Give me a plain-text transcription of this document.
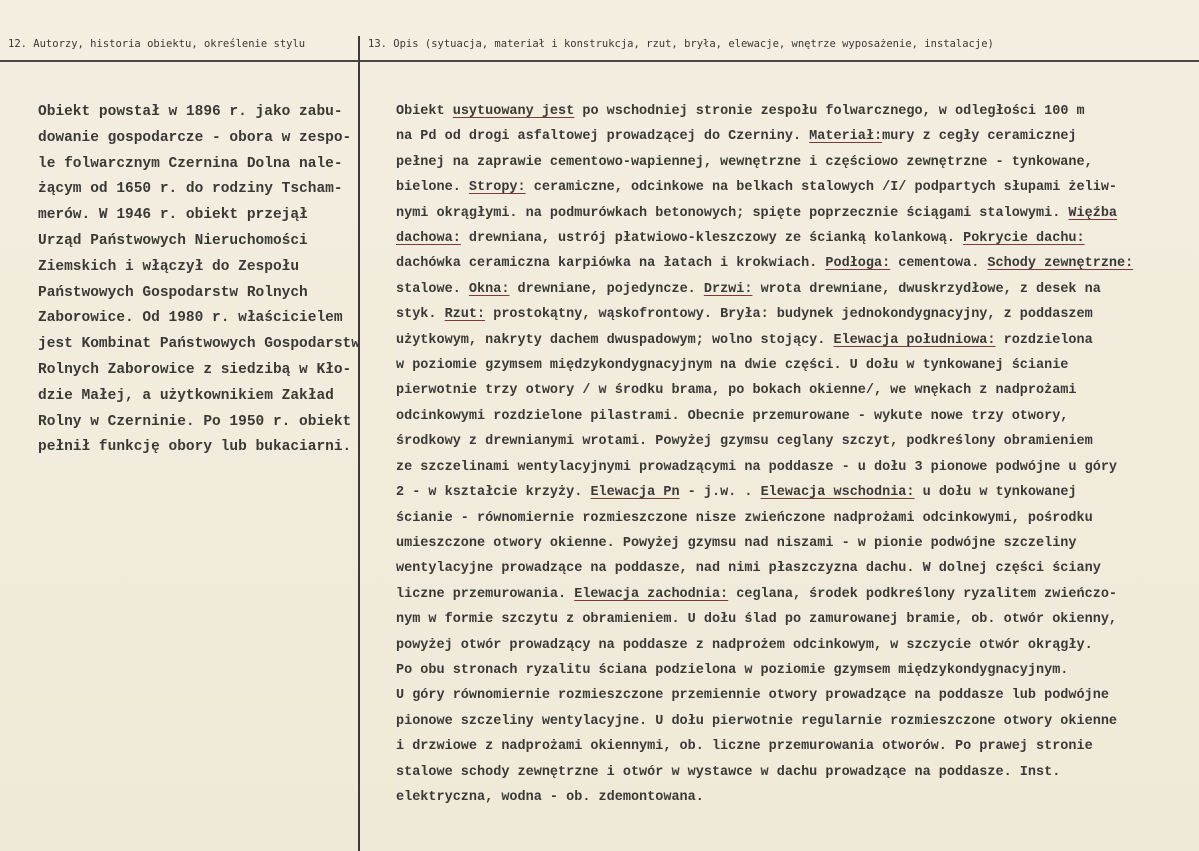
12. Autorzy, historia obiektu, określenie stylu	13. Opis (sytuacja, materiał i konstrukcja, rzut, bryła, elewacje, wnętrze wyposażenie, instalacje)
Obiekt powstał w 1896 r. jako zabu-
dowanie gospodarcze - obora w zespo-
le folwarcznym Czernina Dolna nale-
żącym od 1650 r. do rodziny Tscham-
merów. W 1946 r. obiekt przejął
Urząd Państwowych Nieruchomości
Ziemskich i włączył do Zespołu
Państwowych Gospodarstw Rolnych
Zaborowice. Od 1980 r. właścicielem
jest Kombinat Państwowych Gospodarstw
Rolnych Zaborowice z siedzibą w Kło-
dzie Małej, a użytkownikiem Zakład
Rolny w Czerninie. Po 1950 r. obiekt
pełnił funkcję obory lub bukaciarni.
Obiekt usytuowany jest po wschodniej stronie zespołu folwarcznego, w odległości 100 m
na Pd od drogi asfaltowej prowadzącej do Czerniny. Materiał:mury z cegły ceramicznej
pełnej na zaprawie cementowo-wapiennej, wewnętrzne i częściowo zewnętrzne - tynkowane,
bielone. Stropy: ceramiczne, odcinkowe na belkach stalowych /I/ podpartych słupami żeliw-
nymi okrągłymi. na podmurówkach betonowych; spięte poprzecznie ściągami stalowymi. Więźba
dachowa: drewniana, ustrój płatwiowo-kleszczowy ze ścianką kolankową. Pokrycie dachu:
dachówka ceramiczna karpiówka na łatach i krokwiach. Podłoga: cementowa. Schody zewnętrzne:
stalowe. Okna: drewniane, pojedyncze. Drzwi: wrota drewniane, dwuskrzydłowe, z desek na
styk. Rzut: prostokątny, wąskofrontowy. Bryła: budynek jednokondygnacyjny, z poddaszem
użytkowym, nakryty dachem dwuspadowym; wolno stojący. Elewacja południowa: rozdzielona
w poziomie gzymsem międzykondygnacyjnym na dwie części. U dołu w tynkowanej ścianie
pierwotnie trzy otwory / w środku brama, po bokach okienne/, we wnękach z nadprożami
odcinkowymi rozdzielone pilastrami. Obecnie przemurowane - wykute nowe trzy otwory,
środkowy z drewnianymi wrotami. Powyżej gzymsu ceglany szczyt, podkreślony obramieniem
ze szczelinami wentylacyjnymi prowadzącymi na poddasze - u dołu 3 pionowe podwójne u góry
2 - w kształcie krzyży. Elewacja Pn - j.w. . Elewacja wschodnia: u dołu w tynkowanej
ścianie - równomiernie rozmieszczone nisze zwieńczone nadprożami odcinkowymi, pośrodku
umieszczone otwory okienne. Powyżej gzymsu nad niszami - w pionie podwójne szczeliny
wentylacyjne prowadzące na poddasze, nad nimi płaszczyzna dachu. W dolnej części ściany
liczne przemurowania. Elewacja zachodnia: ceglana, środek podkreślony ryzalitem zwieńczo-
nym w formie szczytu z obramieniem. U dołu ślad po zamurowanej bramie, ob. otwór okienny,
powyżej otwór prowadzący na poddasze z nadprożem odcinkowym, w szczycie otwór okrągły.
Po obu stronach ryzalitu ściana podzielona w poziomie gzymsem międzykondygnacyjnym.
U góry równomiernie rozmieszczone przemiennie otwory prowadzące na poddasze lub podwójne
pionowe szczeliny wentylacyjne. U dołu pierwotnie regularnie rozmieszczone otwory okienne
i drzwiowe z nadprożami okiennymi, ob. liczne przemurowania otworów. Po prawej stronie
stalowe schody zewnętrzne i otwór w wystawce w dachu prowadzące na poddasze. Inst.
elektryczna, wodna - ob. zdemontowana.
